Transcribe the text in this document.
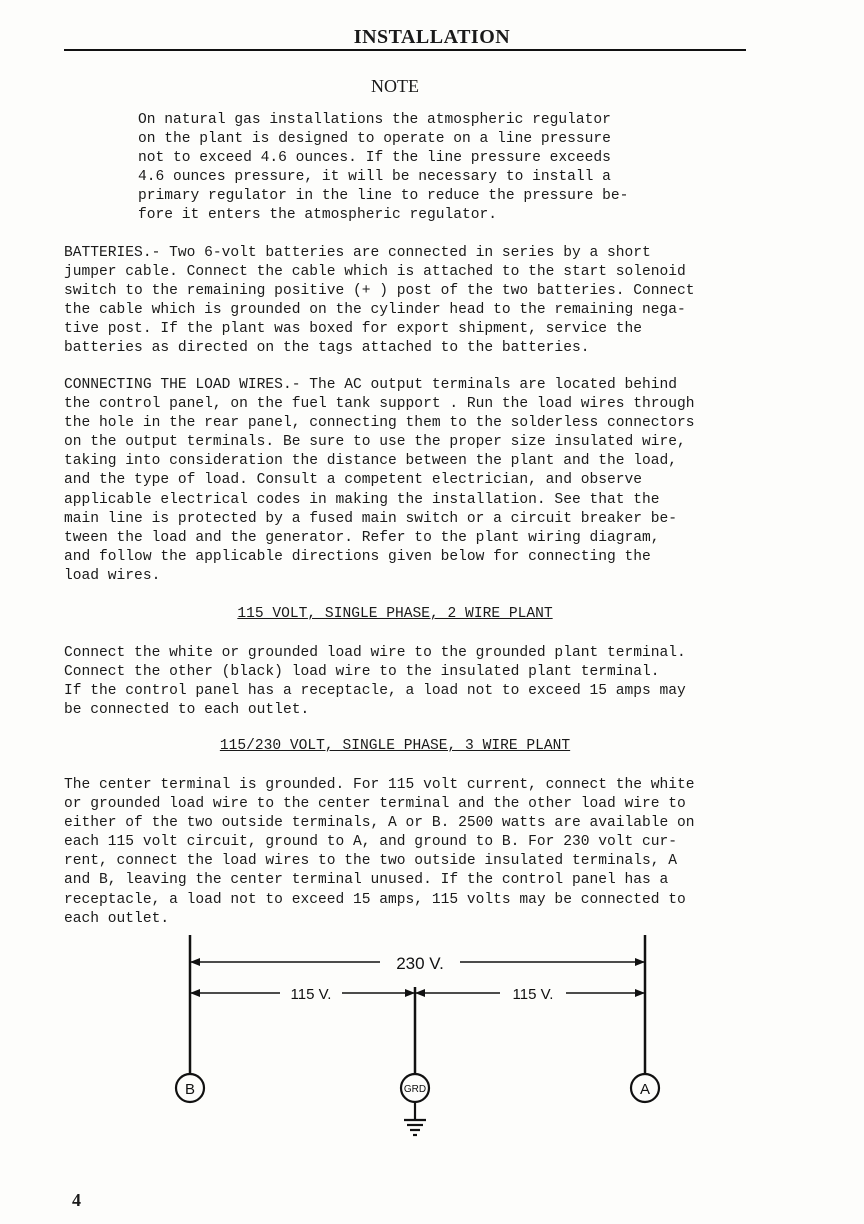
INSTALLATION
NOTE

On natural gas installations the atmospheric regulator
on the plant is designed to operate on a line pressure
not to exceed 4.6 ounces. If the line pressure exceeds
4.6 ounces pressure, it will be necessary to install a
primary regulator in the line to reduce the pressure be-
fore it enters the atmospheric regulator.

BATTERIES.- Two 6-volt batteries are connected in series by a short
jumper cable. Connect the cable which is attached to the start solenoid
switch to the remaining positive (+ ) post of the two batteries. Connect
the cable which is grounded on the cylinder head to the remaining nega-
tive post. If the plant was boxed for export shipment, service the
batteries as directed on the tags attached to the batteries.

CONNECTING THE LOAD WIRES.- The AC output terminals are located behind
the control panel, on the fuel tank support . Run the load wires through
the hole in the rear panel, connecting them to the solderless connectors
on the output terminals. Be sure to use the proper size insulated wire,
taking into consideration the distance between the plant and the load,
and the type of load. Consult a competent electrician, and observe
applicable electrical codes in making the installation. See that the
main line is protected by a fused main switch or a circuit breaker be-
tween the load and the generator. Refer to the plant wiring diagram,
and follow the applicable directions given below for connecting the
load wires.

115 VOLT, SINGLE PHASE, 2 WIRE PLANT

Connect the white or grounded load wire to the grounded plant terminal.
Connect the other (black) load wire to the insulated plant terminal.
If the control panel has a receptacle, a load not to exceed 15 amps may
be connected to each outlet.

115/230 VOLT, SINGLE PHASE, 3 WIRE PLANT

The center terminal is grounded. For 115 volt current, connect the white
or grounded load wire to the center terminal and the other load wire to
either of the two outside terminals, A or B. 2500 watts are available on
each 115 volt circuit, ground to A, and ground to B. For 230 volt cur-
rent, connect the load wires to the two outside insulated terminals, A
and B, leaving the center terminal unused. If the control panel has a
receptacle, a load not to exceed 15 amps, 115 volts may be connected to
each outlet.

230 V.
115 V.	115 V.
B	GRD	A
4
